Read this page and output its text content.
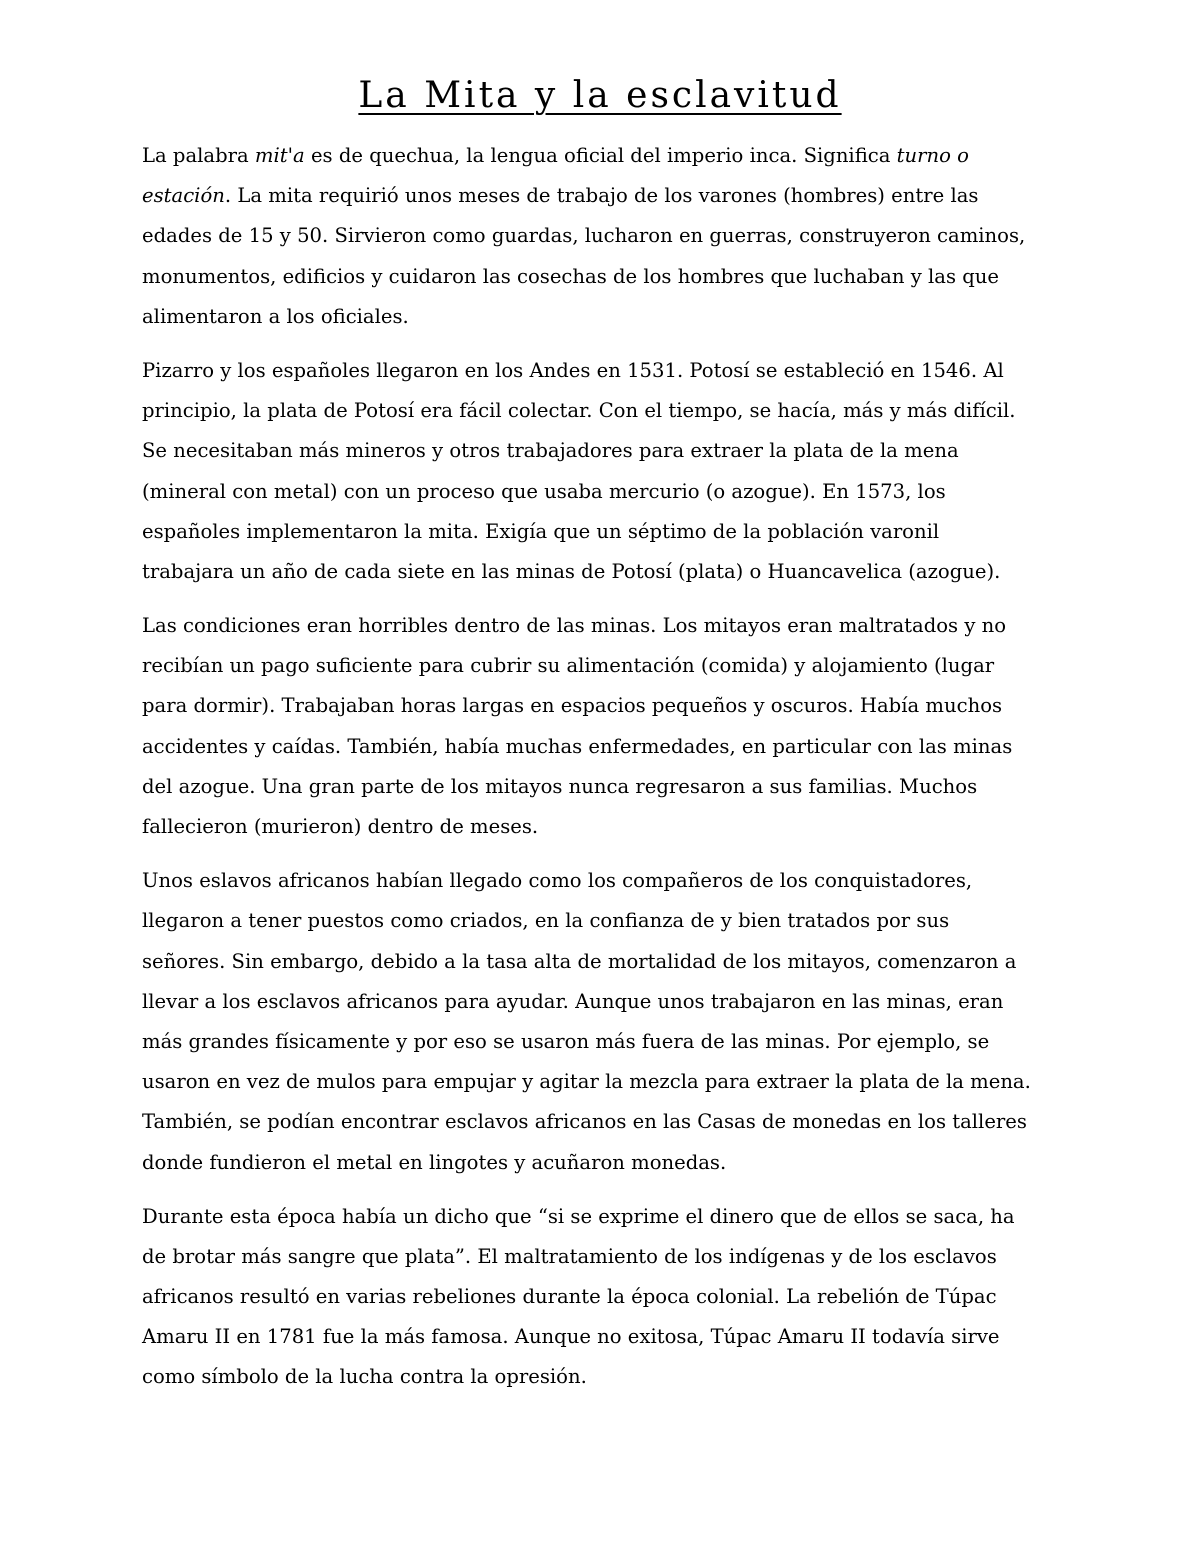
La Mita y la esclavitud

La palabra mit'a es de quechua, la lengua oficial del imperio inca. Significa turno o
estación. La mita requirió unos meses de trabajo de los varones (hombres) entre las
edades de 15 y 50. Sirvieron como guardas, lucharon en guerras, construyeron caminos,
monumentos, edificios y cuidaron las cosechas de los hombres que luchaban y las que
alimentaron a los oficiales.

Pizarro y los españoles llegaron en los Andes en 1531. Potosí se estableció en 1546. Al
principio, la plata de Potosí era fácil colectar. Con el tiempo, se hacía, más y más difícil.
Se necesitaban más mineros y otros trabajadores para extraer la plata de la mena
(mineral con metal) con un proceso que usaba mercurio (o azogue). En 1573, los
españoles implementaron la mita. Exigía que un séptimo de la población varonil
trabajara un año de cada siete en las minas de Potosí (plata) o Huancavelica (azogue).

Las condiciones eran horribles dentro de las minas. Los mitayos eran maltratados y no
recibían un pago suficiente para cubrir su alimentación (comida) y alojamiento (lugar
para dormir). Trabajaban horas largas en espacios pequeños y oscuros. Había muchos
accidentes y caídas. También, había muchas enfermedades, en particular con las minas
del azogue. Una gran parte de los mitayos nunca regresaron a sus familias. Muchos
fallecieron (murieron) dentro de meses.

Unos eslavos africanos habían llegado como los compañeros de los conquistadores,
llegaron a tener puestos como criados, en la confianza de y bien tratados por sus
señores. Sin embargo, debido a la tasa alta de mortalidad de los mitayos, comenzaron a
llevar a los esclavos africanos para ayudar. Aunque unos trabajaron en las minas, eran
más grandes físicamente y por eso se usaron más fuera de las minas. Por ejemplo, se
usaron en vez de mulos para empujar y agitar la mezcla para extraer la plata de la mena.
También, se podían encontrar esclavos africanos en las Casas de monedas en los talleres
donde fundieron el metal en lingotes y acuñaron monedas.

Durante esta época había un dicho que “si se exprime el dinero que de ellos se saca, ha
de brotar más sangre que plata”. El maltratamiento de los indígenas y de los esclavos
africanos resultó en varias rebeliones durante la época colonial. La rebelión de Túpac
Amaru II en 1781 fue la más famosa. Aunque no exitosa, Túpac Amaru II todavía sirve
como símbolo de la lucha contra la opresión.
